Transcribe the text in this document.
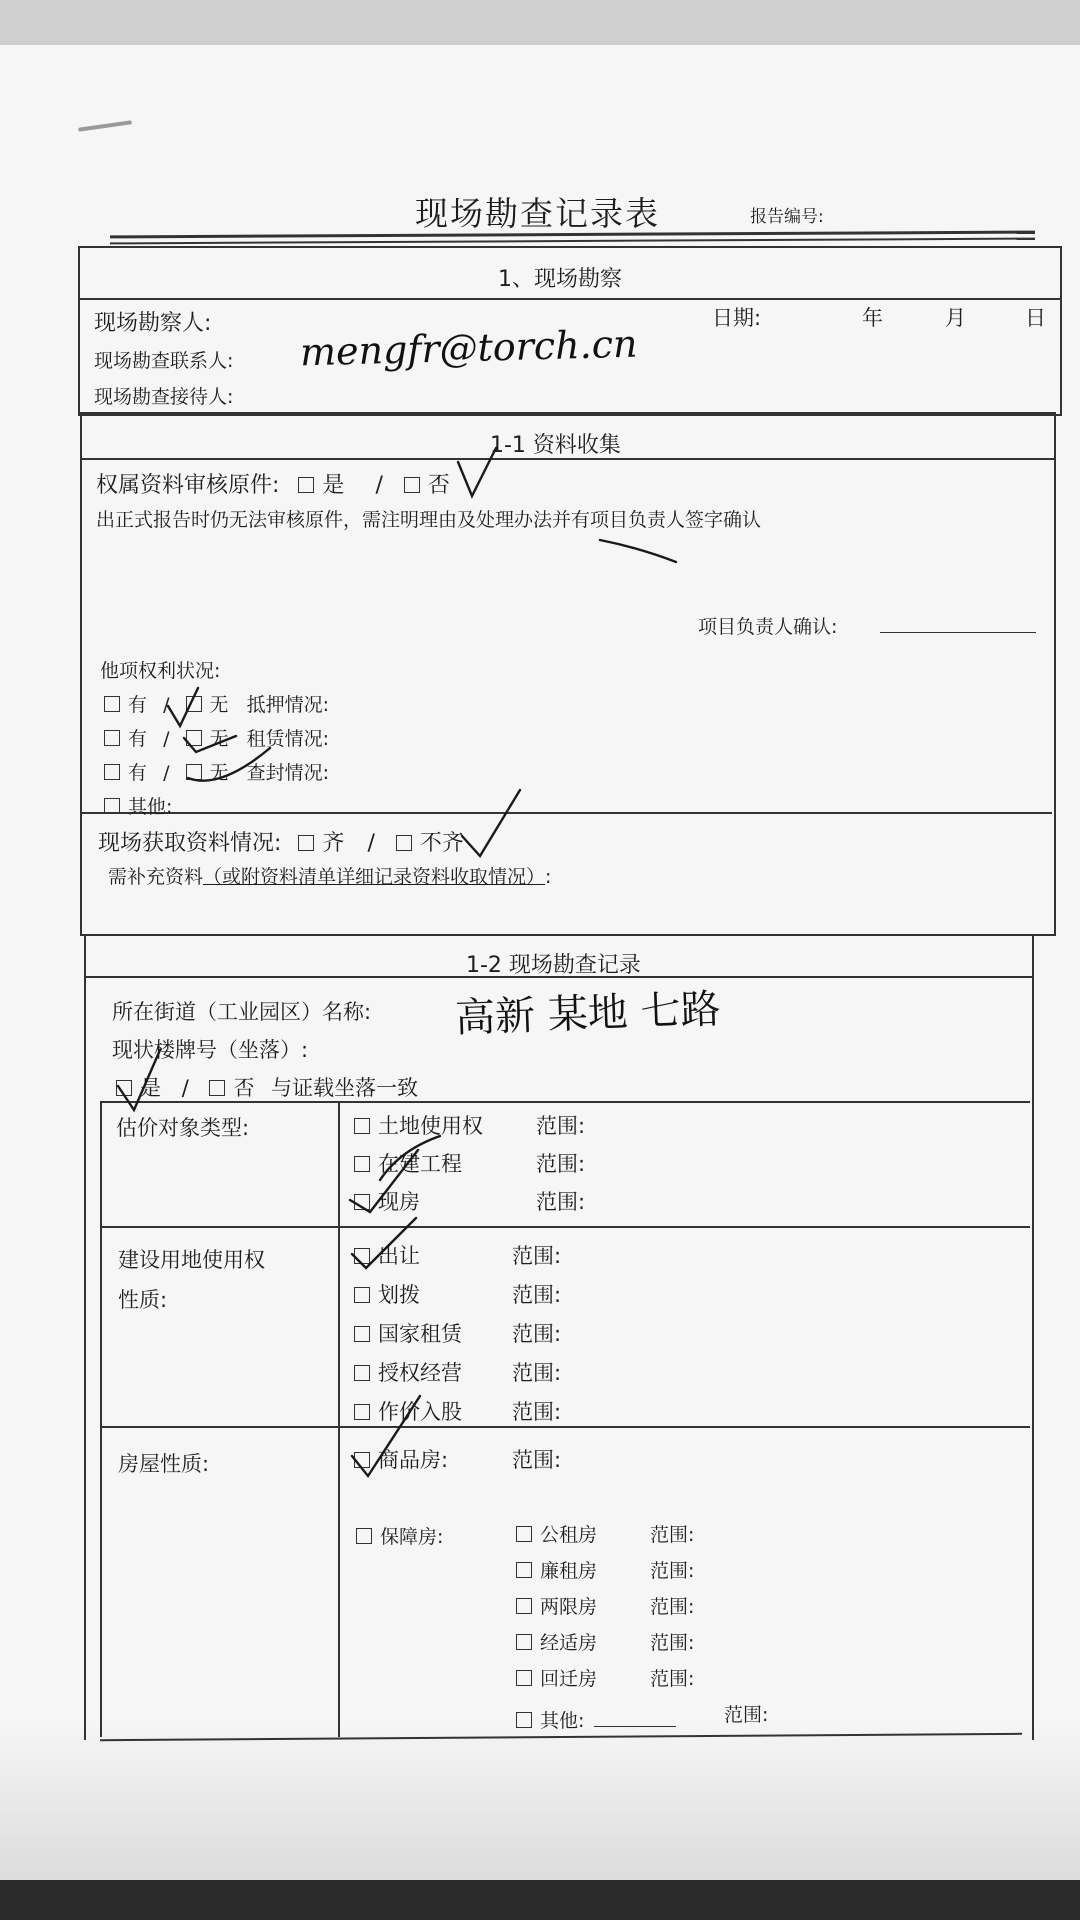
现场勘查记录表	报告编号:
1、现场勘察
现场勘察人:	日期:	年	月	日
现场勘查联系人: mengfr@torch.cn
现场勘查接待人:
1-1 资料收集
权属资料审核原件: 是 / 否
出正式报告时仍无法审核原件，需注明理由及处理办法并有项目负责人签字确认
项目负责人确认:
他项权利状况:
有 / 无 抵押情况:
有 / 无 租赁情况:
有 / 无 查封情况:
其他:
现场获取资料情况: 齐 / 不齐
需补充资料（或附资料清单详细记录资料收取情况）:
1-2 现场勘查记录
所在街道（工业园区）名称: 高新 某地 七路
现状楼牌号（坐落）:
是 / 否 与证载坐落一致
估价对象类型:	土地使用权	范围:
在建工程	范围:
现房	范围:
建设用地使用权
性质:
出让	范围:
划拨	范围:
国家租赁 范围:
授权经营 范围:
作价入股 范围:
房屋性质:	商品房:	范围:
保障房:	公租房	范围:
廉租房	范围:
两限房	范围:
经适房	范围:
回迁房	范围:
其他:	范围:
